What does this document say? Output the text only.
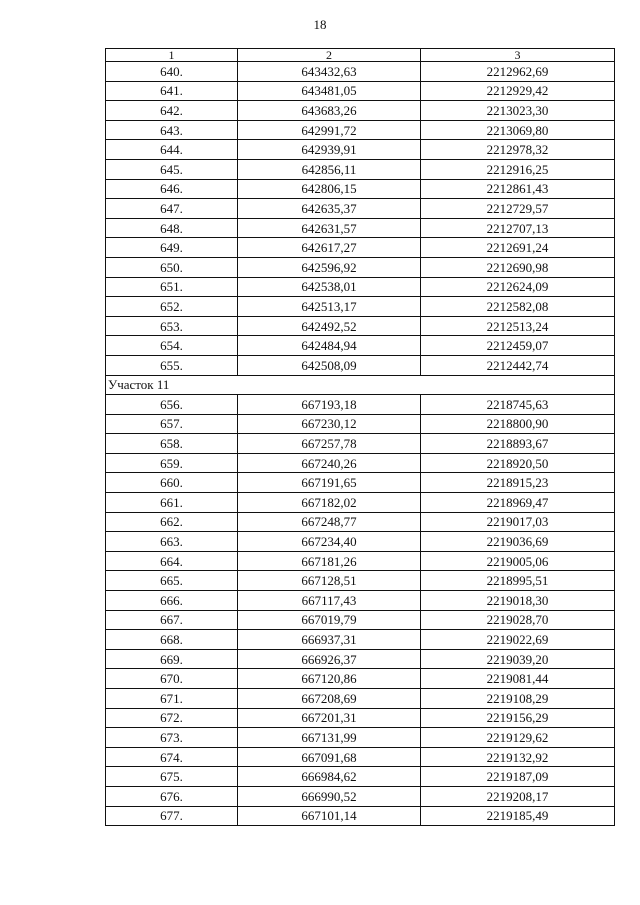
18
1	2	3
640.	643432,63	2212962,69
641.	643481,05	2212929,42
642.	643683,26	2213023,30
643.	642991,72	2213069,80
644.	642939,91	2212978,32
645.	642856,11	2212916,25
646.	642806,15	2212861,43
647.	642635,37	2212729,57
648.	642631,57	2212707,13
649.	642617,27	2212691,24
650.	642596,92	2212690,98
651.	642538,01	2212624,09
652.	642513,17	2212582,08
653.	642492,52	2212513,24
654.	642484,94	2212459,07
655.	642508,09	2212442,74
Участок 11		
656.	667193,18	2218745,63
657.	667230,12	2218800,90
658.	667257,78	2218893,67
659.	667240,26	2218920,50
660.	667191,65	2218915,23
661.	667182,02	2218969,47
662.	667248,77	2219017,03
663.	667234,40	2219036,69
664.	667181,26	2219005,06
665.	667128,51	2218995,51
666.	667117,43	2219018,30
667.	667019,79	2219028,70
668.	666937,31	2219022,69
669.	666926,37	2219039,20
670.	667120,86	2219081,44
671.	667208,69	2219108,29
672.	667201,31	2219156,29
673.	667131,99	2219129,62
674.	667091,68	2219132,92
675.	666984,62	2219187,09
676.	666990,52	2219208,17
677.	667101,14	2219185,49
